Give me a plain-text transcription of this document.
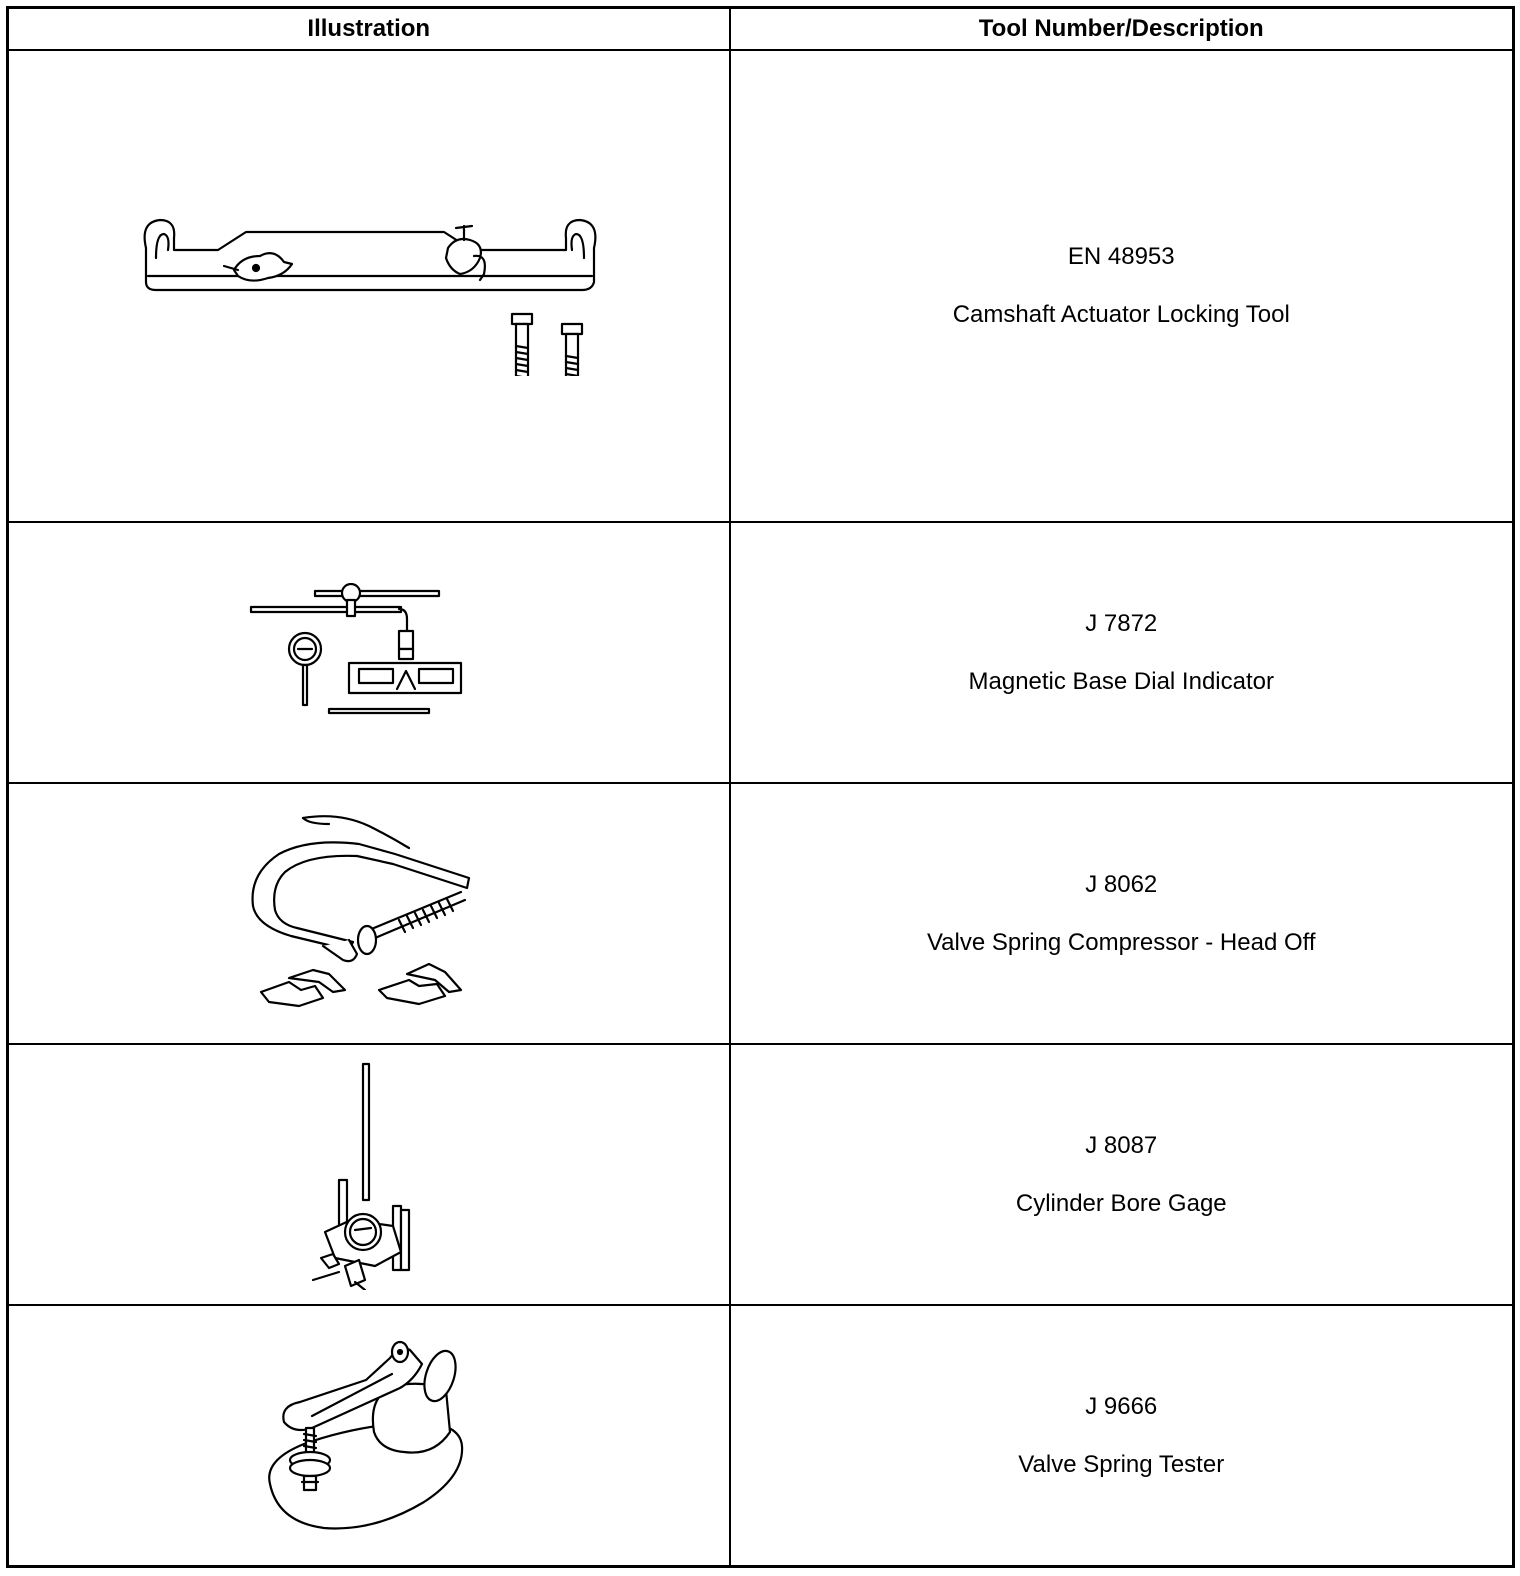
Illustration	Tool Number/Description

EN 48953
Camshaft Actuator Locking Tool

J 7872
Magnetic Base Dial Indicator

J 8062
Valve Spring Compressor - Head Off

J 8087
Cylinder Bore Gage

J 9666
Valve Spring Tester
